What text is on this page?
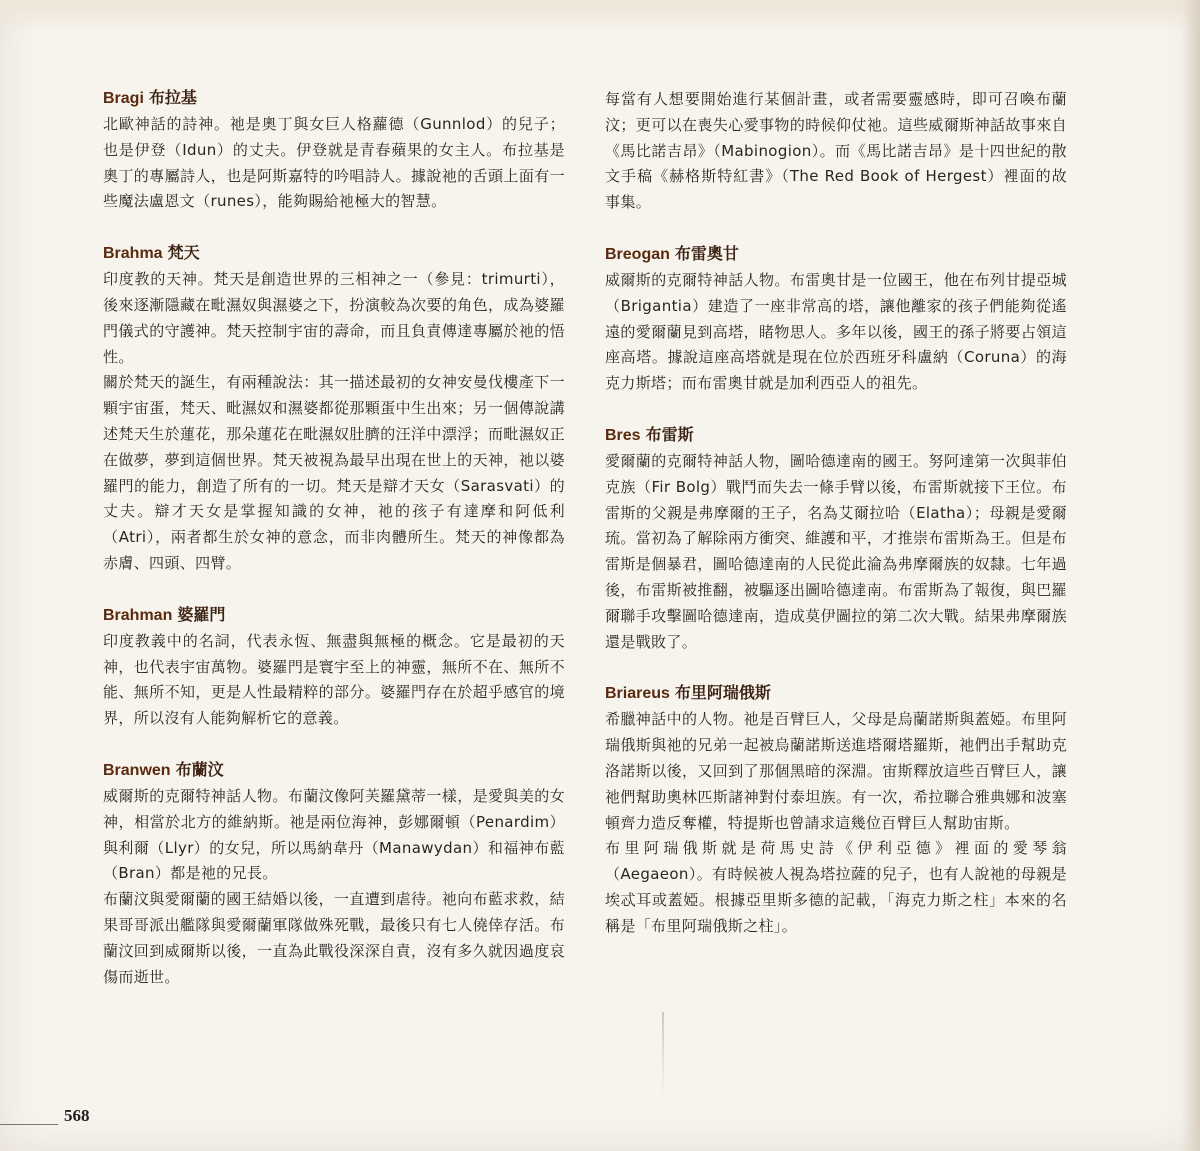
Bragi 布拉基

北歐神話的詩神。祂是奧丁與女巨人格蘿德（Gunnlod）的兒子；也是伊登（Idun）的丈夫。伊登就是青春蘋果的女主人。布拉基是奧丁的專屬詩人，也是阿斯嘉特的吟唱詩人。據說祂的舌頭上面有一些魔法盧恩文（runes），能夠賜給祂極大的智慧。

Brahma 梵天

印度教的天神。梵天是創造世界的三相神之一（參見：trimurti），後來逐漸隱藏在毗濕奴與濕婆之下，扮演較為次要的角色，成為婆羅門儀式的守護神。梵天控制宇宙的壽命，而且負責傳達專屬於祂的悟性。

關於梵天的誕生，有兩種說法：其一描述最初的女神安曼伐樓產下一顆宇宙蛋，梵天、毗濕奴和濕婆都從那顆蛋中生出來；另一個傳說講述梵天生於蓮花，那朵蓮花在毗濕奴肚臍的汪洋中漂浮；而毗濕奴正在做夢，夢到這個世界。梵天被視為最早出現在世上的天神，祂以婆羅門的能力，創造了所有的一切。梵天是辯才天女（Sarasvati）的丈夫。辯才天女是掌握知識的女神，祂的孩子有達摩和阿低利（Atri），兩者都生於女神的意念，而非肉體所生。梵天的神像都為赤膚、四頭、四臂。

Brahman 婆羅門

印度教義中的名詞，代表永恆、無盡與無極的概念。它是最初的天神，也代表宇宙萬物。婆羅門是寰宇至上的神靈，無所不在、無所不能、無所不知，更是人性最精粹的部分。婆羅門存在於超乎感官的境界，所以沒有人能夠解析它的意義。

Branwen 布蘭汶

威爾斯的克爾特神話人物。布蘭汶像阿芙羅黛蒂一樣，是愛與美的女神，相當於北方的維納斯。祂是兩位海神，彭娜爾頓（Penardim）與利爾（Llyr）的女兒，所以馬納韋丹（Manawydan）和福神布藍（Bran）都是祂的兄長。

布蘭汶與愛爾蘭的國王結婚以後，一直遭到虐待。祂向布藍求救，結果哥哥派出艦隊與愛爾蘭軍隊做殊死戰，最後只有七人僥倖存活。布蘭汶回到威爾斯以後，一直為此戰役深深自責，沒有多久就因過度哀傷而逝世。

每當有人想要開始進行某個計畫，或者需要靈感時，即可召喚布蘭汶；更可以在喪失心愛事物的時候仰仗祂。這些威爾斯神話故事來自《馬比諾吉昂》（Mabinogion）。而《馬比諾吉昂》是十四世紀的散文手稿《赫格斯特紅書》（The Red Book of Hergest）裡面的故事集。

Breogan 布雷奧甘

威爾斯的克爾特神話人物。布雷奧甘是一位國王，他在布列甘提亞城（Brigantia）建造了一座非常高的塔，讓他離家的孩子們能夠從遙遠的愛爾蘭見到高塔，睹物思人。多年以後，國王的孫子將要占領這座高塔。據說這座高塔就是現在位於西班牙科盧納（Coruna）的海克力斯塔；而布雷奧甘就是加利西亞人的祖先。

Bres 布雷斯

愛爾蘭的克爾特神話人物，圖哈德達南的國王。努阿達第一次與菲伯克族（Fir Bolg）戰鬥而失去一條手臂以後，布雷斯就接下王位。布雷斯的父親是弗摩爾的王子，名為艾爾拉哈（Elatha）；母親是愛爾琉。當初為了解除兩方衝突、維護和平，才推崇布雷斯為王。但是布雷斯是個暴君，圖哈德達南的人民從此淪為弗摩爾族的奴隸。七年過後，布雷斯被推翻，被驅逐出圖哈德達南。布雷斯為了報復，與巴羅爾聯手攻擊圖哈德達南，造成莫伊圖拉的第二次大戰。結果弗摩爾族還是戰敗了。

Briareus 布里阿瑞俄斯

希臘神話中的人物。祂是百臂巨人，父母是烏蘭諾斯與蓋婭。布里阿瑞俄斯與祂的兄弟一起被烏蘭諾斯送進塔爾塔羅斯，祂們出手幫助克洛諾斯以後，又回到了那個黑暗的深淵。宙斯釋放這些百臂巨人，讓祂們幫助奧林匹斯諸神對付泰坦族。有一次，希拉聯合雅典娜和波塞頓齊力造反奪權，特提斯也曾請求這幾位百臂巨人幫助宙斯。

布里阿瑞俄斯就是荷馬史詩《伊利亞德》裡面的愛琴翁（Aegaeon）。有時候被人視為塔拉薩的兒子，也有人說祂的母親是埃忒耳或蓋婭。根據亞里斯多德的記載，「海克力斯之柱」本來的名稱是「布里阿瑞俄斯之柱」。

568
